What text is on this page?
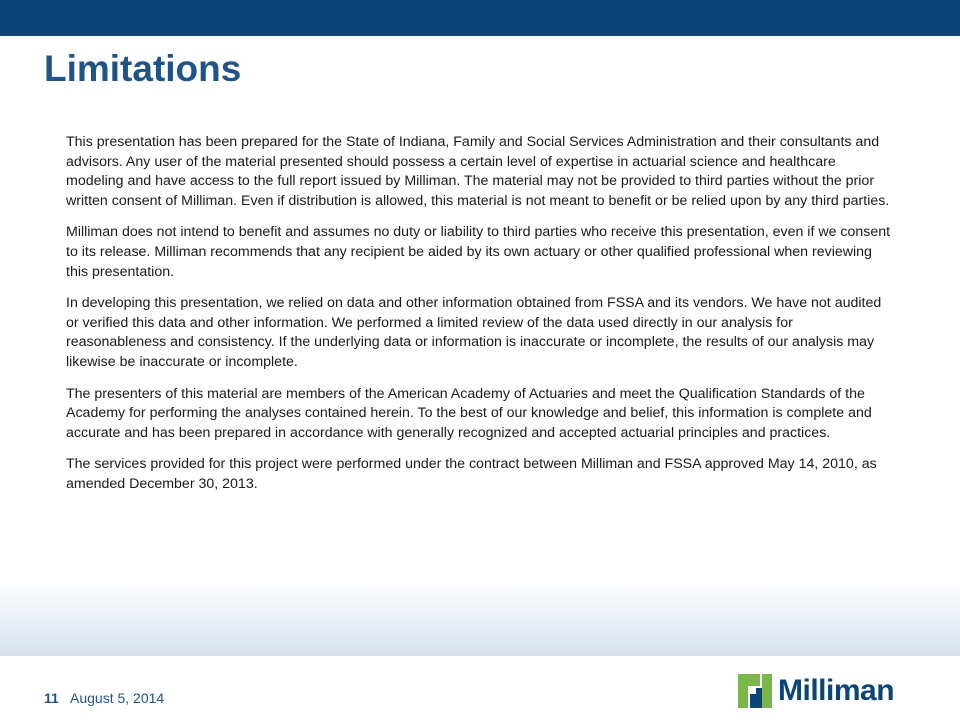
Limitations

This presentation has been prepared for the State of Indiana, Family and Social Services Administration and their consultants and advisors. Any user of the material presented should possess a certain level of expertise in actuarial science and healthcare modeling and have access to the full report issued by Milliman. The material may not be provided to third parties without the prior written consent of Milliman. Even if distribution is allowed, this material is not meant to benefit or be relied upon by any third parties.

Milliman does not intend to benefit and assumes no duty or liability to third parties who receive this presentation, even if we consent to its release. Milliman recommends that any recipient be aided by its own actuary or other qualified professional when reviewing this presentation.

In developing this presentation, we relied on data and other information obtained from FSSA and its vendors. We have not audited or verified this data and other information. We performed a limited review of the data used directly in our analysis for reasonableness and consistency. If the underlying data or information is inaccurate or incomplete, the results of our analysis may likewise be inaccurate or incomplete.

The presenters of this material are members of the American Academy of Actuaries and meet the Qualification Standards of the Academy for performing the analyses contained herein. To the best of our knowledge and belief, this information is complete and accurate and has been prepared in accordance with generally recognized and accepted actuarial principles and practices.

The services provided for this project were performed under the contract between Milliman and FSSA approved May 14, 2010, as amended December 30, 2013.

11 August 5, 2014	Milliman
